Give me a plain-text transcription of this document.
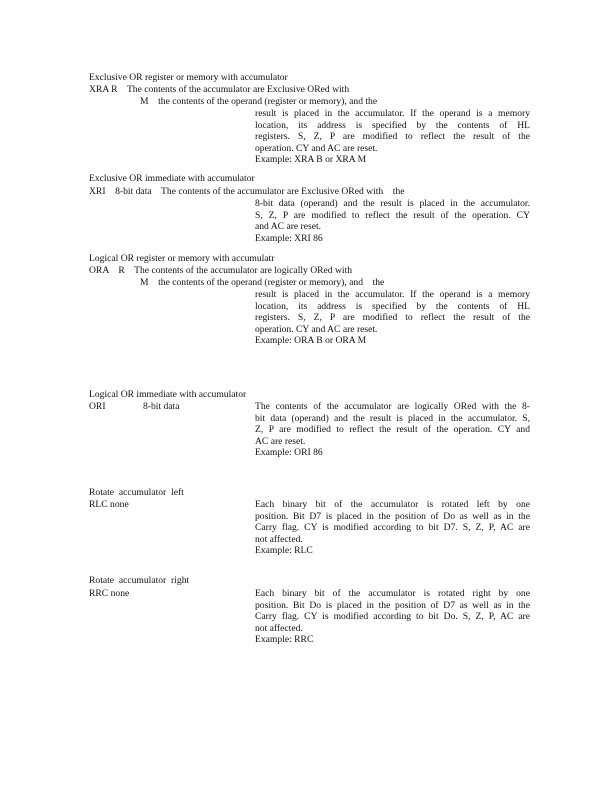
Exclusive OR register or memory with accumulator
XRA R    The contents of the accumulator are Exclusive ORed with
M    the contents of the operand (register or memory), and the
result is placed in the accumulator. If the operand is a memory
location, its address is specified by the contents of HL
registers. S, Z, P are modified to reflect the result of the
operation. CY and AC are reset.
Example: XRA B or XRA M
Exclusive OR immediate with accumulator
XRI    8-bit data    The contents of the accumulator are Exclusive ORed with    the
8-bit data (operand) and the result is placed in the accumulator.
S, Z, P are modified to reflect the result of the operation. CY
and AC are reset.
Example: XRI 86
Logical OR register or memory with accumulatr
ORA    R    The contents of the accumulator are logically ORed with
M    the contents of the operand (register or memory), and    the
result is placed in the accumulator. If the operand is a memory
location, its address is specified by the contents of HL
registers. S, Z, P are modified to reflect the result of the
operation. CY and AC are reset.
Example: ORA B or ORA M
Logical OR immediate with accumulator
ORI	8-bit data	The contents of the accumulator are logically ORed with the 8-
bit data (operand) and the result is placed in the accumulator. S,
Z, P are modified to reflect the result of the operation. CY and
AC are reset.
Example: ORI 86
Rotate  accumulator  left
RLC none	Each binary bit of the accumulator is rotated left by one
position. Bit D7 is placed in the position of Do as well as in the
Carry flag. CY is modified according to bit D7. S, Z, P, AC are
not affected.
Example: RLC
Rotate  accumulator  right
RRC none	Each binary bit of the accumulator is rotated right by one
position. Bit Do is placed in the position of D7 as well as in the
Carry flag. CY is modified according to bit Do. S, Z, P, AC are
not affected.
Example: RRC
